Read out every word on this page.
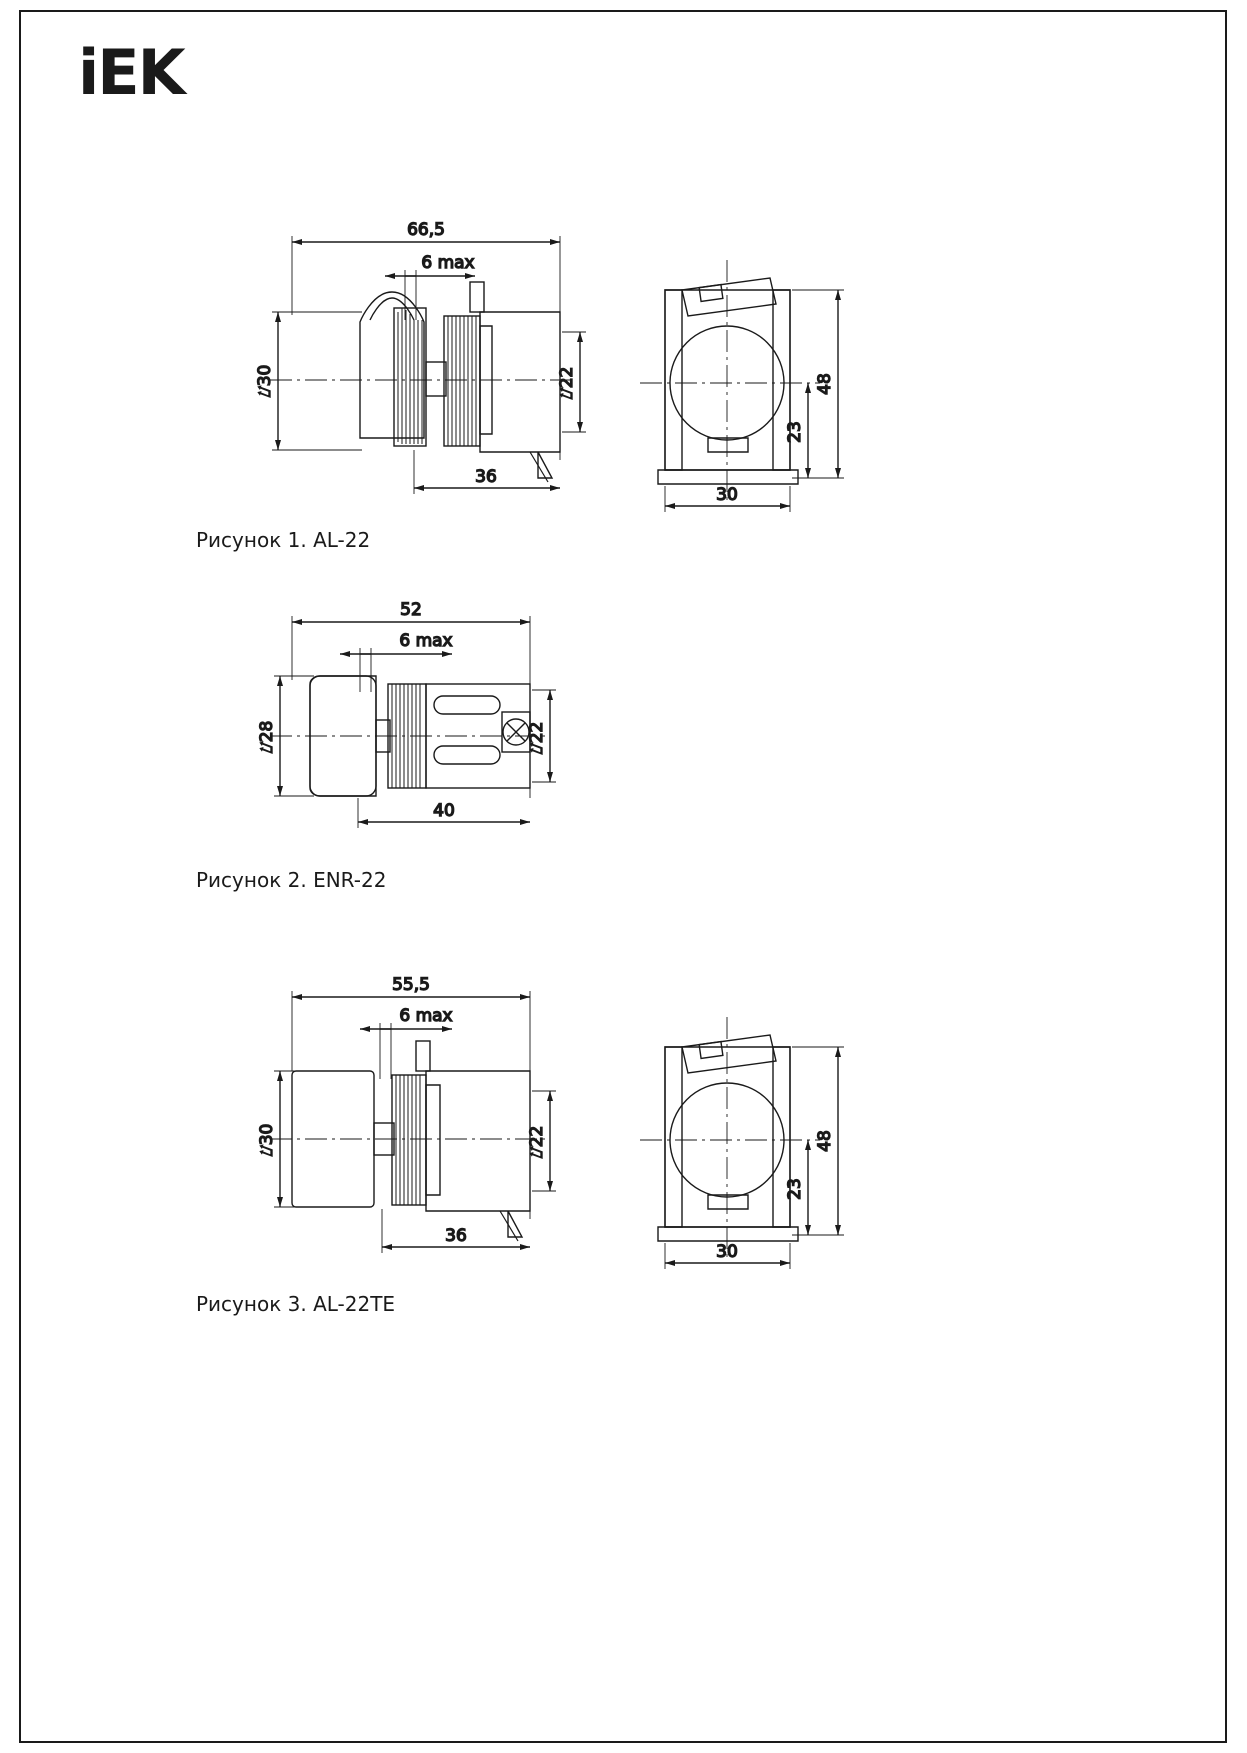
iEK
66,5
6 max
⌰30	⌰22
36
48
23
30
Рисунок 1. AL-22
52
6 max
⌰28	⌰22
40
Рисунок 2. ENR-22
55,5
6 max
⌰30	⌰22
36
48
23
30
Рисунок 3. AL-22TE
